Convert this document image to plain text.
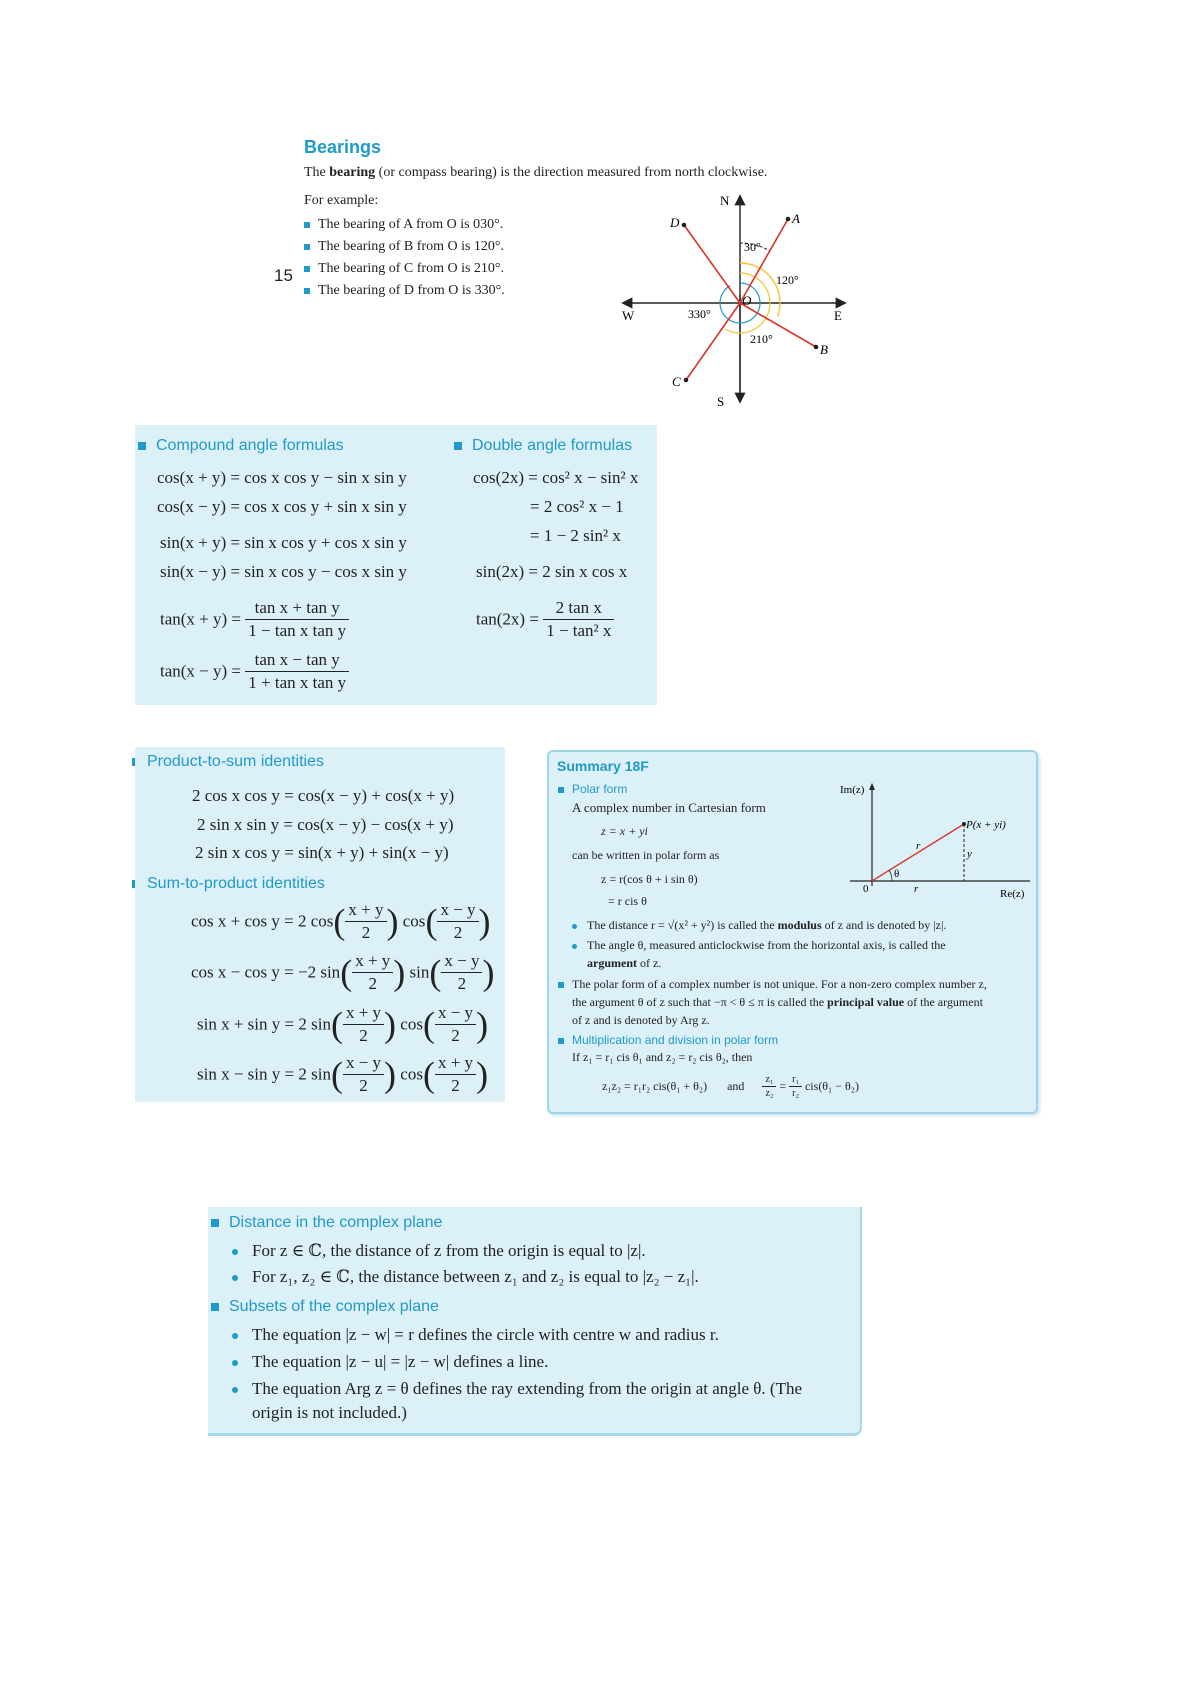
15
Bearings
The bearing (or compass bearing) is the direction measured from north clockwise.
For example:
The bearing of A from O is 030°.
The bearing of B from O is 120°.
The bearing of C from O is 210°.
The bearing of D from O is 330°.
N
S
E
W
O
A
B
C
D
30°
120°
210°
330°
Compound angle formulas	Double angle formulas
cos(x + y) = cos x cos y − sin x sin y
cos(x − y) = cos x cos y + sin x sin y
sin(x + y) = sin x cos y + cos x sin y
sin(x − y) = sin x cos y − cos x sin y
$\tan(x + y) = \frac{\text{tan x + tan y}}{\text{1 − tan x tan y}}$
$\tan(x - y) = \frac{\text{tan x − tan y}}{\text{1 + tan x tan y}}$
cos(2x) = cos² x − sin² x
= 2 cos² x − 1
= 1 − 2 sin² x
sin(2x) = 2 sin x cos x
$\tan(2x) = \frac{\text{2 tan x}}{\text{1 − tan² x}}$
Product-to-sum identities
2 cos x cos y = cos(x − y) + cos(x + y)
2 sin x sin y = cos(x − y) − cos(x + y)
2 sin x cos y = sin(x + y) + sin(x − y)
Sum-to-product identities
cos x + cos y = 2 $\cos( \frac{x + y}{2}$ ) $\cos( \frac{x - y}{2}$ )
cos x − cos y = −2 $\sin( \frac{x + y}{2}$ ) $\sin( \frac{x - y}{2}$ )
sin x + sin y = 2 $\sin( \frac{x + y}{2}$ ) $\cos( \frac{x - y}{2}$ )
sin x − sin y = 2 $\sin( \frac{x - y}{2}$ ) $\cos( \frac{x + y}{2}$ )
Summary 18F
Polar form
A complex number in Cartesian form
z = x + yi
can be written in polar form as
z = r(cos θ + i sin θ)
= r cis θ
Im(z)
Re(z)
P(x + yi)
0
r
r
θ
y
The distance r = √(x² + y²) is called the modulus of z and is denoted by |z|.
The angle θ, measured anticlockwise from the horizontal axis, is called the
argument of z.
The polar form of a complex number is not unique. For a non-zero complex number z,
the argument θ of z such that −π < θ ≤ π is called the principal value of the argument
of z and is denoted by Arg z.
Multiplication and division in polar form
If z₁ = r₁ cis θ₁ and z₂ = r₂ cis θ₂, then
z₁z₂ = r₁r₂ cis(θ₁ + θ₂) and $\frac{\text{z₁}}{\text{z₂}} = \frac{\text{r₁}}{\text{r₂}} cis(\theta_1 - \theta_2)$
Distance in the complex plane
For z ∈ ℂ, the distance of z from the origin is equal to |z|.
For z₁, z₂ ∈ ℂ, the distance between z₁ and z₂ is equal to |z₂ − z₁|.
Subsets of the complex plane
The equation |z − w| = r defines the circle with centre w and radius r.
The equation |z − u| = |z − w| defines a line.
The equation Arg z = θ defines the ray extending from the origin at angle θ. (The
origin is not included.)
